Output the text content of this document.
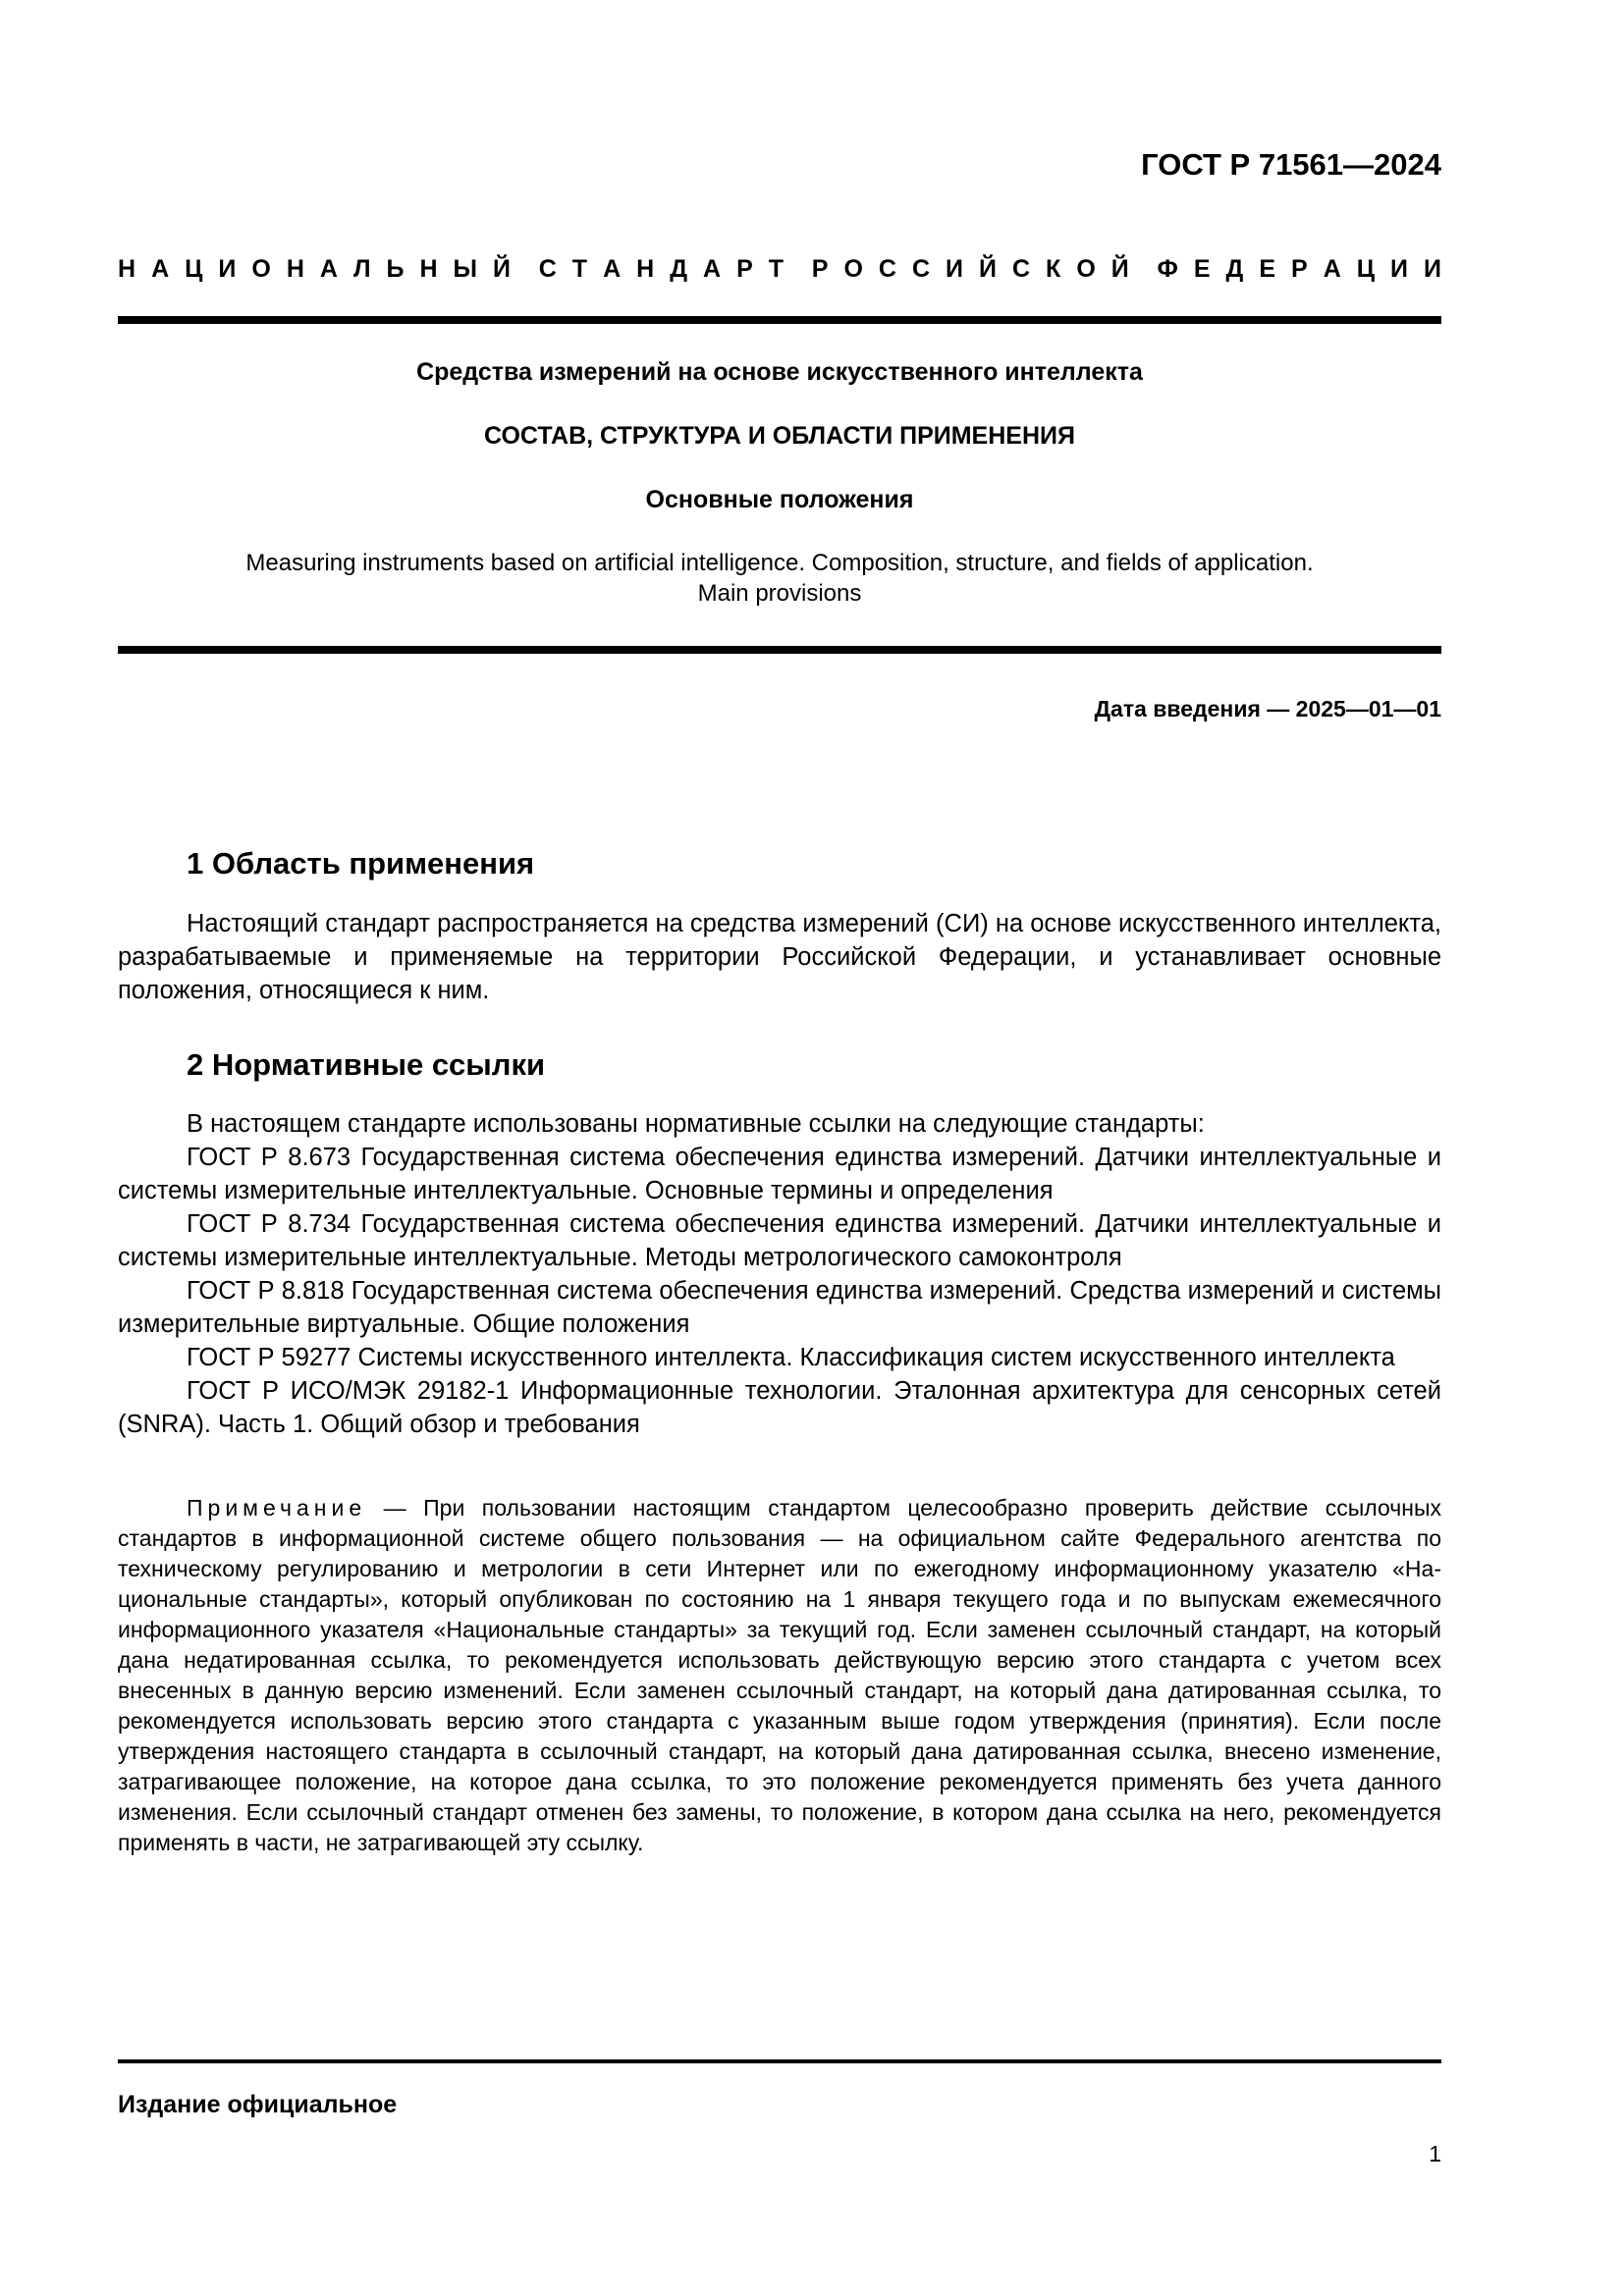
ГОСТ Р 71561—2024
Н А Ц И О Н А Л Ь Н Ы Й С Т А Н Д А Р Т Р О С С И Й С К О Й Ф Е Д Е Р А Ц И И
Средства измерений на основе искусственного интеллекта
СОСТАВ, СТРУКТУРА И ОБЛАСТИ ПРИМЕНЕНИЯ
Основные положения
Measuring instruments based on artificial intelligence. Composition, structure, and fields of application.
Main provisions
Дата введения — 2025—01—01
1 Область применения
Настоящий стандарт распространяется на средства измерений (СИ) на основе искусственного интеллекта, разрабатываемые и применяемые на территории Российской Федерации, и устанавливает основные положения, относящиеся к ним.
2 Нормативные ссылки

В настоящем стандарте использованы нормативные ссылки на следующие стандарты:

ГОСТ Р 8.673 Государственная система обеспечения единства измерений. Датчики интеллектуальные и системы измерительные интеллектуальные. Основные термины и определения

ГОСТ Р 8.734 Государственная система обеспечения единства измерений. Датчики интеллектуальные и системы измерительные интеллектуальные. Методы метрологического самоконтроля

ГОСТ Р 8.818 Государственная система обеспечения единства измерений. Средства измерений и системы измерительные виртуальные. Общие положения

ГОСТ Р 59277 Системы искусственного интеллекта. Классификация систем искусственного интеллекта

ГОСТ Р ИСО/МЭК 29182-1 Информационные технологии. Эталонная архитектура для сенсорных сетей (SNRA). Часть 1. Общий обзор и требования

Примечание — При пользовании настоящим стандартом целесообразно проверить действие ссылочных стандартов в информационной системе общего пользования — на официальном сайте Федерального агентства по техническому регулированию и метрологии в сети Интернет или по ежегодному информационному указателю «Национальные стандарты», который опубликован по состоянию на 1 января текущего года и по выпускам ежемесячного информационного указателя «Национальные стандарты» за текущий год. Если заменен ссылочный стандарт, на который дана недатированная ссылка, то рекомендуется использовать действующую версию этого стандарта с учетом всех внесенных в данную версию изменений. Если заменен ссылочный стандарт, на который дана датированная ссылка, то рекомендуется использовать версию этого стандарта с указанным выше годом утверждения (принятия). Если после утверждения настоящего стандарта в ссылочный стандарт, на который дана датированная ссылка, внесено изменение, затрагивающее положение, на которое дана ссылка, то это положение рекомендуется применять без учета данного изменения. Если ссылочный стандарт отменен без замены, то положение, в котором дана ссылка на него, рекомендуется применять в части, не затрагивающей эту ссылку.
Издание официальное
1
